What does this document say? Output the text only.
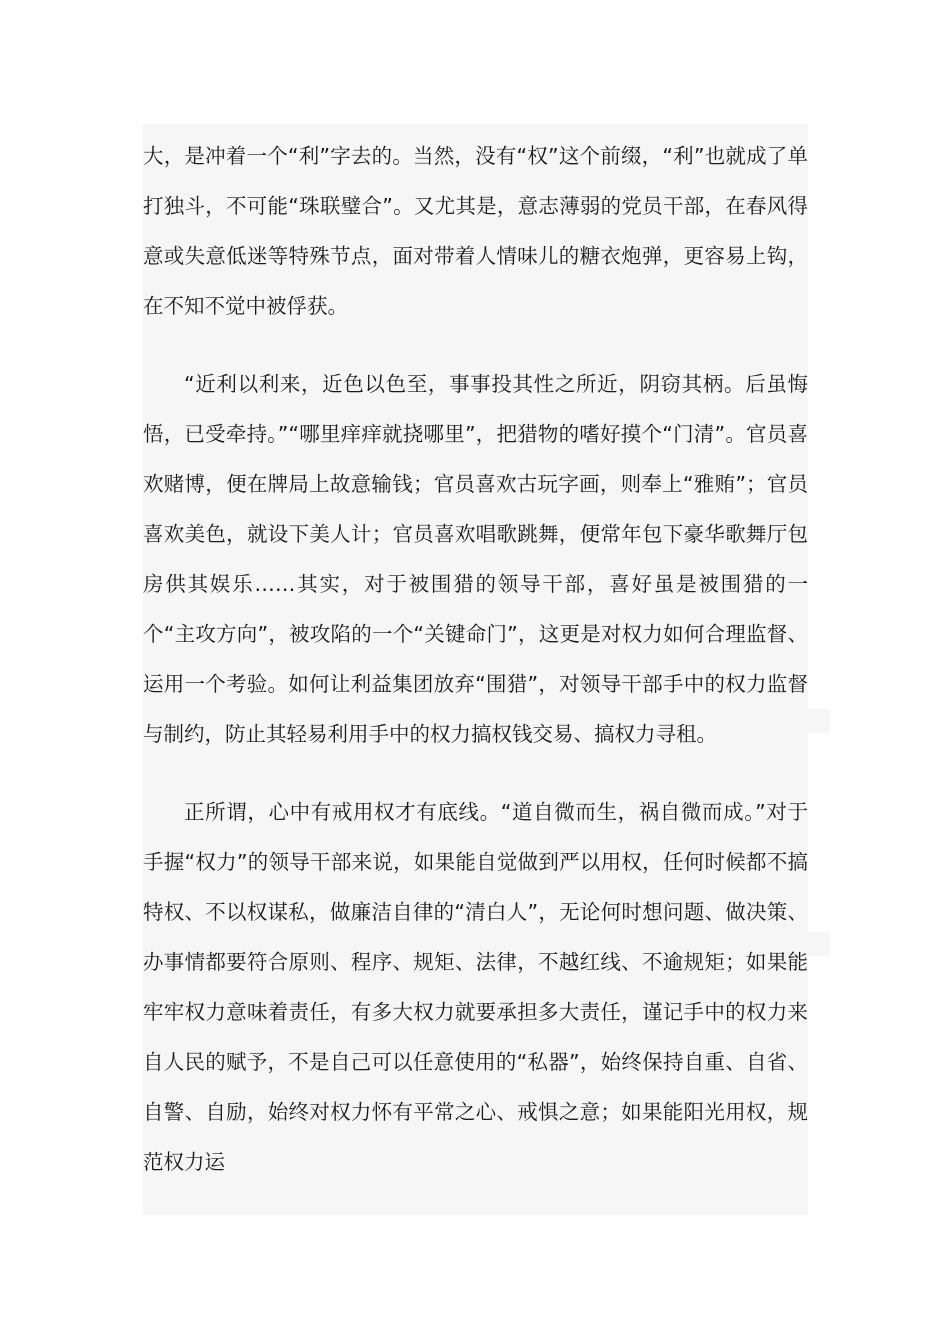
大，是冲着一个“利”字去的。当然，没有“权”这个前缀，“利”也就成了单打独斗，不可能“珠联璧合”。又尤其是，意志薄弱的党员干部，在春风得意或失意低迷等特殊节点，面对带着人情味儿的糖衣炮弹，更容易上钩，在不知不觉中被俘获。

“近利以利来，近色以色至，事事投其性之所近，阴窃其柄。后虽悔悟，已受牵持。”“哪里痒痒就挠哪里”，把猎物的嗜好摸个“门清”。官员喜欢赌博，便在牌局上故意输钱；官员喜欢古玩字画，则奉上“雅贿”；官员喜欢美色，就设下美人计；官员喜欢唱歌跳舞，便常年包下豪华歌舞厅包房供其娱乐……其实，对于被围猎的领导干部，喜好虽是被围猎的一个“主攻方向”，被攻陷的一个“关键命门”，这更是对权力如何合理监督、运用一个考验。如何让利益集团放弃“围猎”，对领导干部手中的权力监督与制约，防止其轻易利用手中的权力搞权钱交易、搞权力寻租。

正所谓，心中有戒用权才有底线。“道自微而生，祸自微而成。”对于手握“权力”的领导干部来说，如果能自觉做到严以用权，任何时候都不搞特权、不以权谋私，做廉洁自律的“清白人”，无论何时想问题、做决策、办事情都要符合原则、程序、规矩、法律，不越红线、不逾规矩；如果能牢牢权力意味着责任，有多大权力就要承担多大责任，谨记手中的权力来自人民的赋予，不是自己可以任意使用的“私器”，始终保持自重、自省、自警、自励，始终对权力怀有平常之心、戒惧之意；如果能阳光用权，规范权力运
